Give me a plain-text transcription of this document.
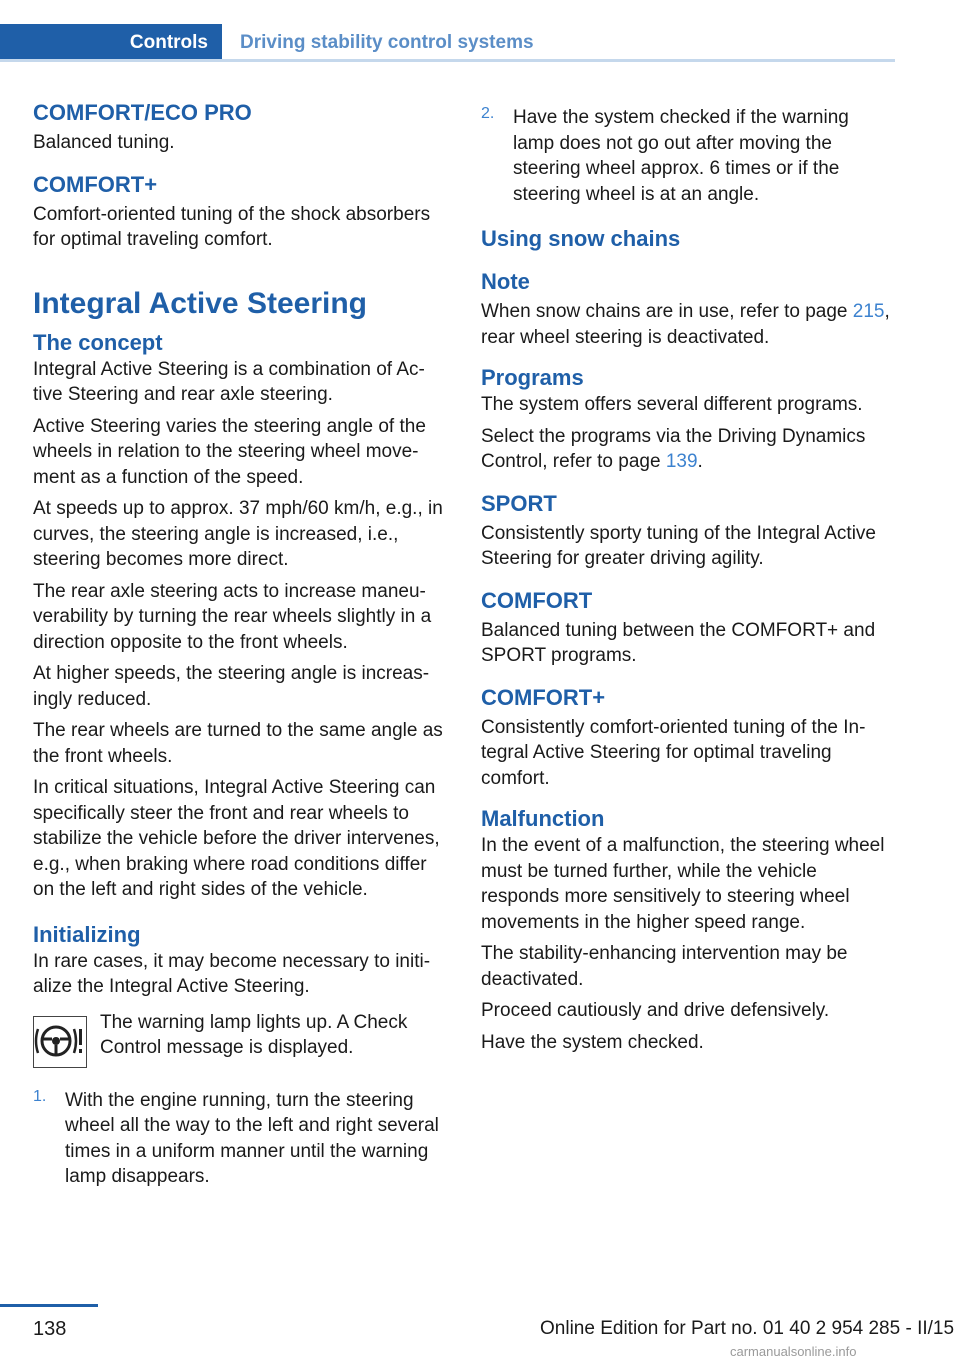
Controls	Driving stability control systems
COMFORT/ECO PRO

Balanced tuning.

COMFORT+

Comfort-oriented tuning of the shock absorbers for optimal traveling comfort.

Integral Active Steering
The concept

Integral Active Steering is a combination of Active Steering and rear axle steering.

Active Steering varies the steering angle of the wheels in relation to the steering wheel movement as a function of the speed.

At speeds up to approx. 37 mph/60 km/h, e.g., in curves, the steering angle is increased, i.e., steering becomes more direct.

The rear axle steering acts to increase maneuverability by turning the rear wheels slightly in a direction opposite to the front wheels.

At higher speeds, the steering angle is increasingly reduced.

The rear wheels are turned to the same angle as the front wheels.

In critical situations, Integral Active Steering can specifically steer the front and rear wheels to stabilize the vehicle before the driver intervenes, e.g., when braking where road conditions differ on the left and right sides of the vehicle.

Initializing

In rare cases, it may become necessary to initialize the Integral Active Steering.

The warning lamp lights up. A Check Control message is displayed.

1. With the engine running, turn the steering wheel all the way to the left and right several times in a uniform manner until the warning lamp disappears.

2. Have the system checked if the warning lamp does not go out after moving the steering wheel approx. 6 times or if the steering wheel is at an angle.

Using snow chains
Note

When snow chains are in use, refer to page 215, rear wheel steering is deactivated.

Programs

The system offers several different programs.

Select the programs via the Driving Dynamics Control, refer to page 139.

SPORT

Consistently sporty tuning of the Integral Active Steering for greater driving agility.

COMFORT

Balanced tuning between the COMFORT+ and SPORT programs.

COMFORT+

Consistently comfort-oriented tuning of the Integral Active Steering for optimal traveling comfort.

Malfunction

In the event of a malfunction, the steering wheel must be turned further, while the vehicle responds more sensitively to steering wheel movements in the higher speed range.

The stability-enhancing intervention may be deactivated.

Proceed cautiously and drive defensively.

Have the system checked.

138	Online Edition for Part no. 01 40 2 954 285 - II/15
carmanualsonline.info
